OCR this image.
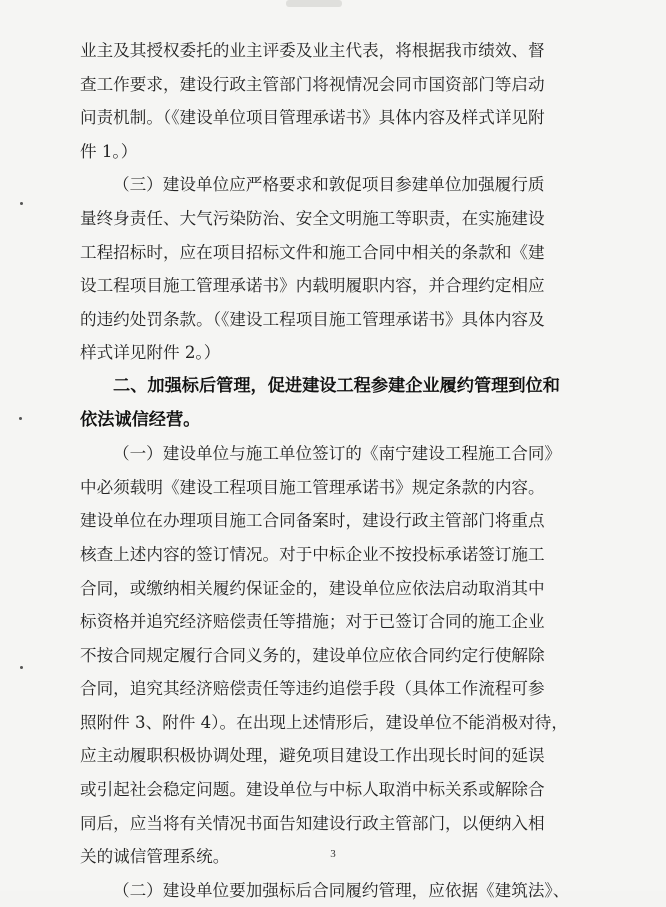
业主及其授权委托的业主评委及业主代表，将根据我市绩效、督
查工作要求，建设行政主管部门将视情况会同市国资部门等启动
问责机制。（《建设单位项目管理承诺书》具体内容及样式详见附
件 1。）
（三）建设单位应严格要求和敦促项目参建单位加强履行质
量终身责任、大气污染防治、安全文明施工等职责，在实施建设
工程招标时，应在项目招标文件和施工合同中相关的条款和《建
设工程项目施工管理承诺书》内载明履职内容，并合理约定相应
的违约处罚条款。（《建设工程项目施工管理承诺书》具体内容及
样式详见附件 2。）
二、加强标后管理，促进建设工程参建企业履约管理到位和
依法诚信经营。
（一）建设单位与施工单位签订的《南宁建设工程施工合同》
中必须载明《建设工程项目施工管理承诺书》规定条款的内容。
建设单位在办理项目施工合同备案时，建设行政主管部门将重点
核查上述内容的签订情况。对于中标企业不按投标承诺签订施工
合同，或缴纳相关履约保证金的，建设单位应依法启动取消其中
标资格并追究经济赔偿责任等措施；对于已签订合同的施工企业
不按合同规定履行合同义务的，建设单位应依合同约定行使解除
合同，追究其经济赔偿责任等违约追偿手段（具体工作流程可参
照附件 3、附件 4）。在出现上述情形后，建设单位不能消极对待，
应主动履职积极协调处理，避免项目建设工作出现长时间的延误
或引起社会稳定问题。建设单位与中标人取消中标关系或解除合
同后，应当将有关情况书面告知建设行政主管部门，以便纳入相
关的诚信管理系统。
（二）建设单位要加强标后合同履约管理，应依据《建筑法》、
3
